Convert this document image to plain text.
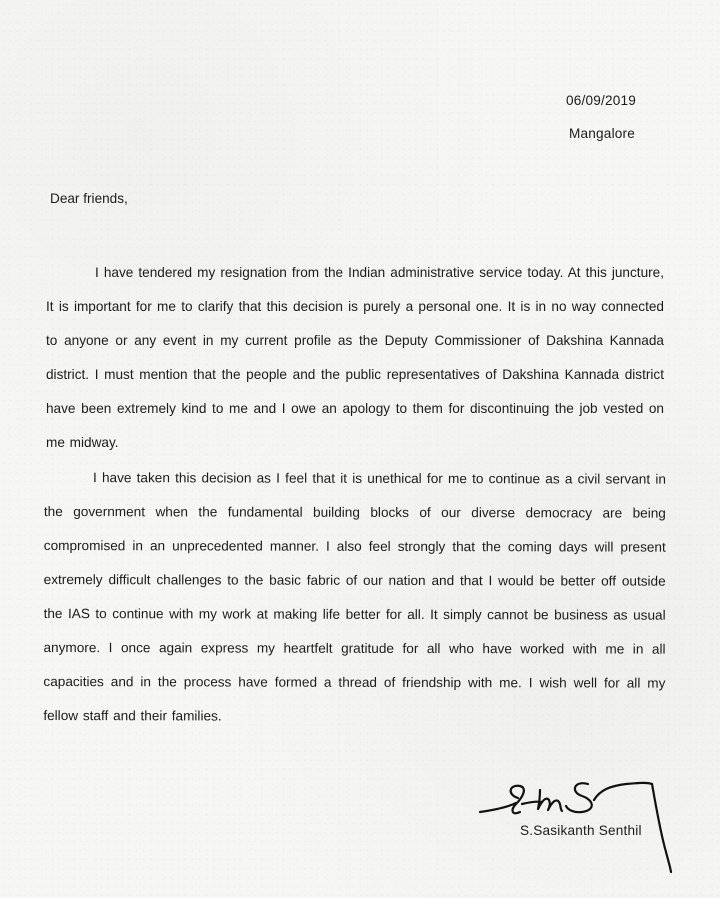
06/09/2019
Mangalore
Dear friends,

I have tendered my resignation from the Indian administrative service today. At this juncture, It is important for me to clarify that this decision is purely a personal one. It is in no way connected to anyone or any event in my current profile as the Deputy Commissioner of Dakshina Kannada district. I must mention that the people and the public representatives of Dakshina Kannada district have been extremely kind to me and I owe an apology to them for discontinuing the job vested on me midway.

I have taken this decision as I feel that it is unethical for me to continue as a civil servant in the government when the fundamental building blocks of our diverse democracy are being compromised in an unprecedented manner. I also feel strongly that the coming days will present extremely difficult challenges to the basic fabric of our nation and that I would be better off outside the IAS to continue with my work at making life better for all. It simply cannot be business as usual anymore. I once again express my heartfelt gratitude for all who have worked with me in all capacities and in the process have formed a thread of friendship with me. I wish well for all my fellow staff and their families.

S.Sasikanth Senthil
